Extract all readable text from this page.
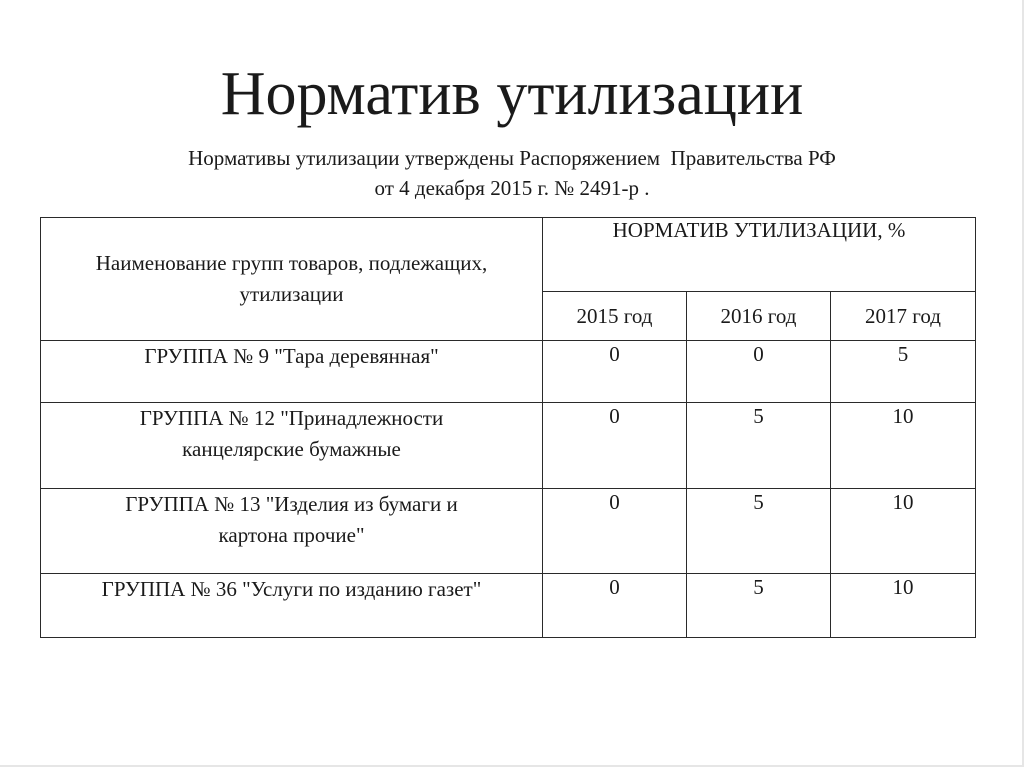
Норматив утилизации
Нормативы утилизации утверждены Распоряжением  Правительства РФ
от 4 декабря 2015 г. № 2491-р .
Наименование групп товаров, подлежащих,
утилизации	НОРМАТИВ УТИЛИЗАЦИИ, %		
	2015 год	2016 год	2017 год

ГРУППА № 9 "Тара деревянная"	0	0	5

ГРУППА № 12 "Принадлежности
канцелярские бумажные	0	5	10

ГРУППА № 13 "Изделия из бумаги и
картона прочие"	0	5	10

ГРУППА № 36 "Услуги по изданию газет"	0	5	10
